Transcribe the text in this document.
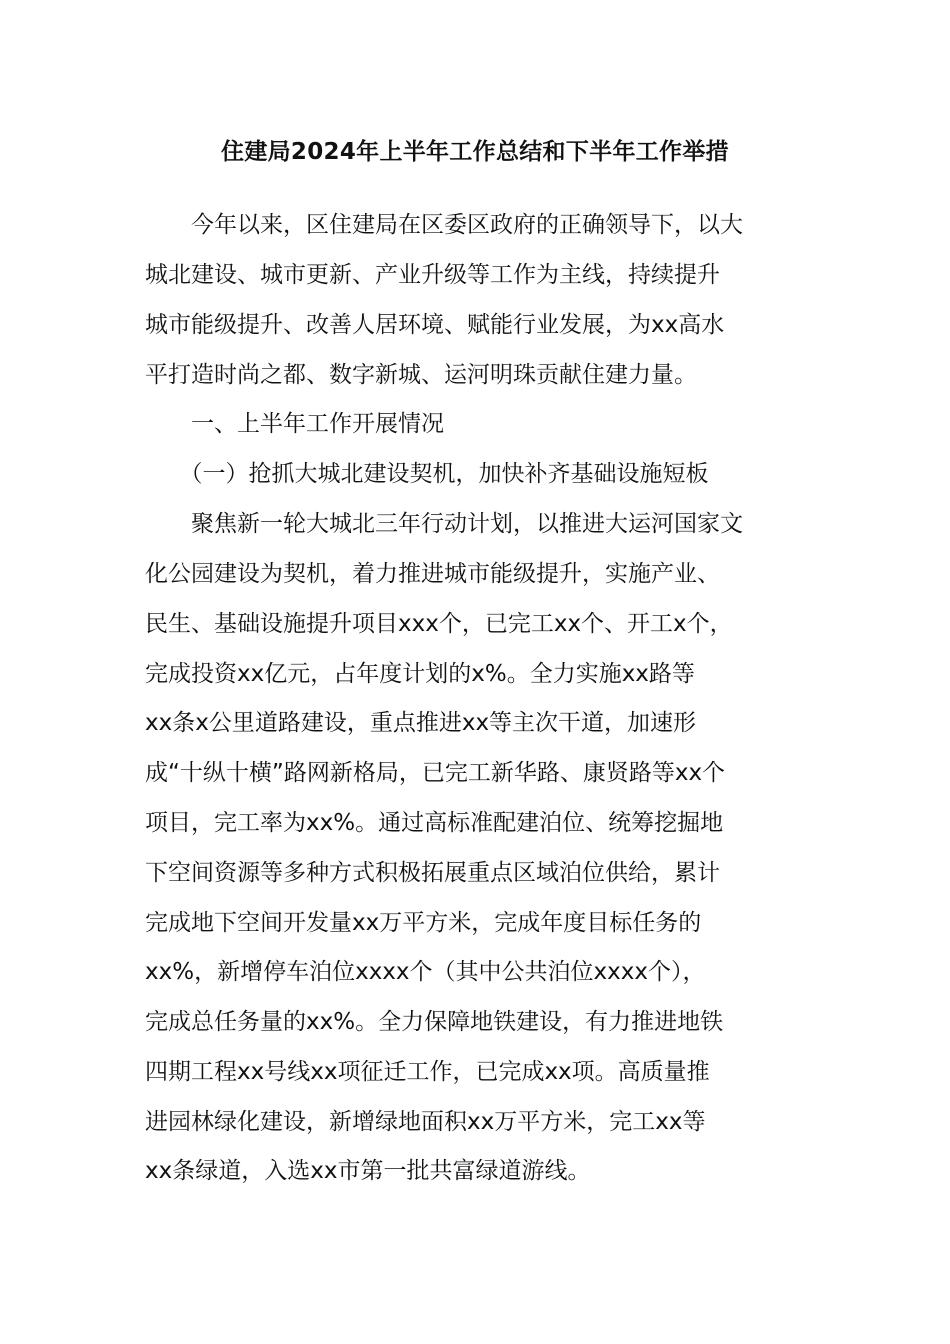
住建局2024年上半年工作总结和下半年工作举措
　　今年以来，区住建局在区委区政府的正确领导下，以大
城北建设、城市更新、产业升级等工作为主线，持续提升
城市能级提升、改善人居环境、赋能行业发展，为xx高水
平打造时尚之都、数字新城、运河明珠贡献住建力量。
　　一、上半年工作开展情况
　　（一）抢抓大城北建设契机，加快补齐基础设施短板
　　聚焦新一轮大城北三年行动计划，以推进大运河国家文
化公园建设为契机，着力推进城市能级提升，实施产业、
民生、基础设施提升项目xxx个，已完工xx个、开工x个，
完成投资xx亿元，占年度计划的x%。全力实施xx路等
xx条x公里道路建设，重点推进xx等主次干道，加速形
成“十纵十横”路网新格局，已完工新华路、康贤路等xx个
项目，完工率为xx%。通过高标准配建泊位、统筹挖掘地
下空间资源等多种方式积极拓展重点区域泊位供给，累计
完成地下空间开发量xx万平方米，完成年度目标任务的
xx%，新增停车泊位xxxx个（其中公共泊位xxxx个），
完成总任务量的xx%。全力保障地铁建设，有力推进地铁
四期工程xx号线xx项征迁工作，已完成xx项。高质量推
进园林绿化建设，新增绿地面积xx万平方米，完工xx等
xx条绿道，入选xx市第一批共富绿道游线。
